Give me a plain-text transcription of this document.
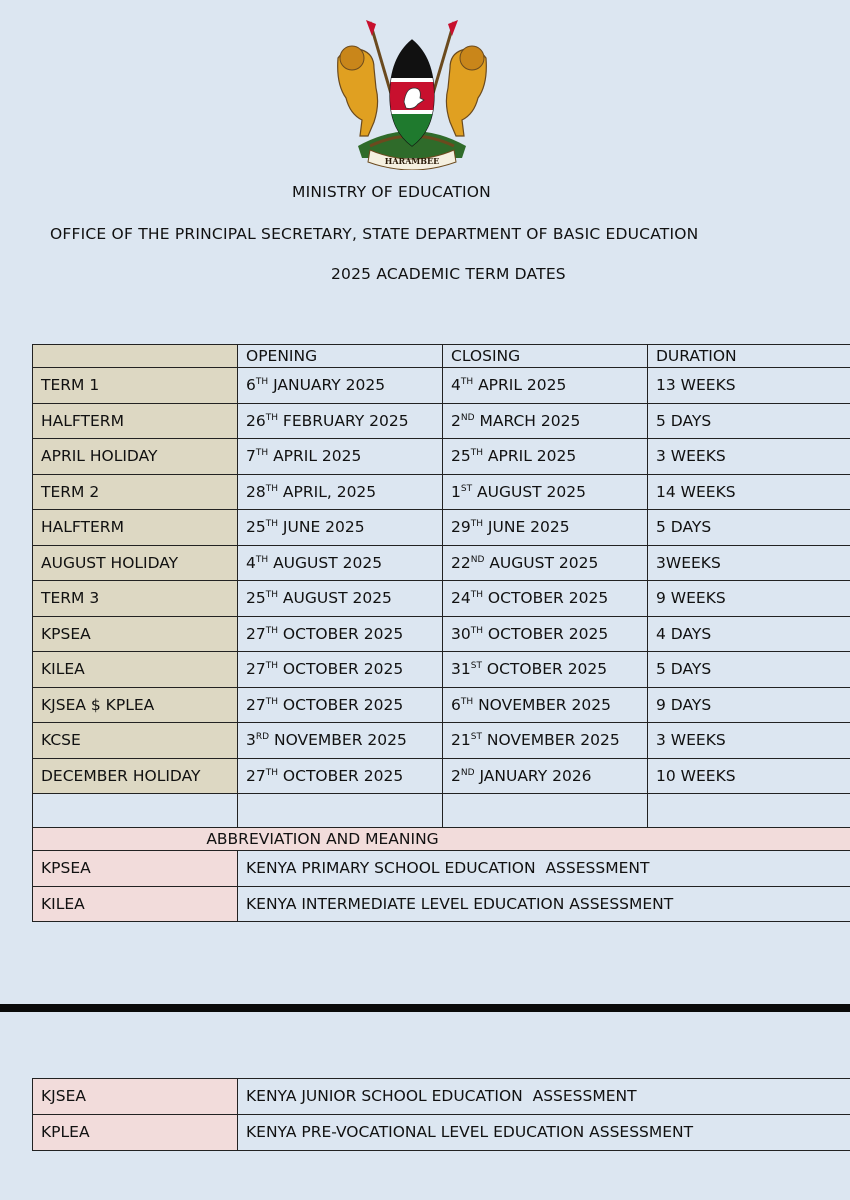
HARAMBEE
MINISTRY OF EDUCATION
OFFICE OF THE PRINCIPAL SECRETARY, STATE DEPARTMENT OF BASIC EDUCATION
2025 ACADEMIC TERM DATES
	OPENING	CLOSING	DURATION
TERM 1	6TH JANUARY 2025	4TH APRIL 2025	13 WEEKS
HALFTERM	26TH FEBRUARY 2025	2ND MARCH 2025	5 DAYS
APRIL HOLIDAY	7TH APRIL 2025	25TH APRIL 2025	3 WEEKS
TERM 2	28TH APRIL, 2025	1ST AUGUST 2025	14 WEEKS
HALFTERM	25TH JUNE 2025	29TH JUNE 2025	5 DAYS
AUGUST HOLIDAY	4TH AUGUST 2025	22ND AUGUST 2025	3WEEKS
TERM 3	25TH AUGUST 2025	24TH OCTOBER 2025	9 WEEKS
KPSEA	27TH OCTOBER 2025	30TH OCTOBER 2025	4 DAYS
KILEA	27TH OCTOBER 2025	31ST OCTOBER 2025	5 DAYS
KJSEA $ KPLEA	27TH OCTOBER 2025	6TH NOVEMBER 2025	9 DAYS
KCSE	3RD NOVEMBER 2025	21ST NOVEMBER 2025	3 WEEKS
DECEMBER HOLIDAY	27TH OCTOBER 2025	2ND JANUARY 2026	10 WEEKS

ABBREVIATION AND MEANING			
KPSEA	KENYA PRIMARY SCHOOL EDUCATION  ASSESSMENT		
KILEA	KENYA INTERMEDIATE LEVEL EDUCATION ASSESSMENT		
KJSEA	KENYA JUNIOR SCHOOL EDUCATION  ASSESSMENT
KPLEA	KENYA PRE-VOCATIONAL LEVEL EDUCATION ASSESSMENT
